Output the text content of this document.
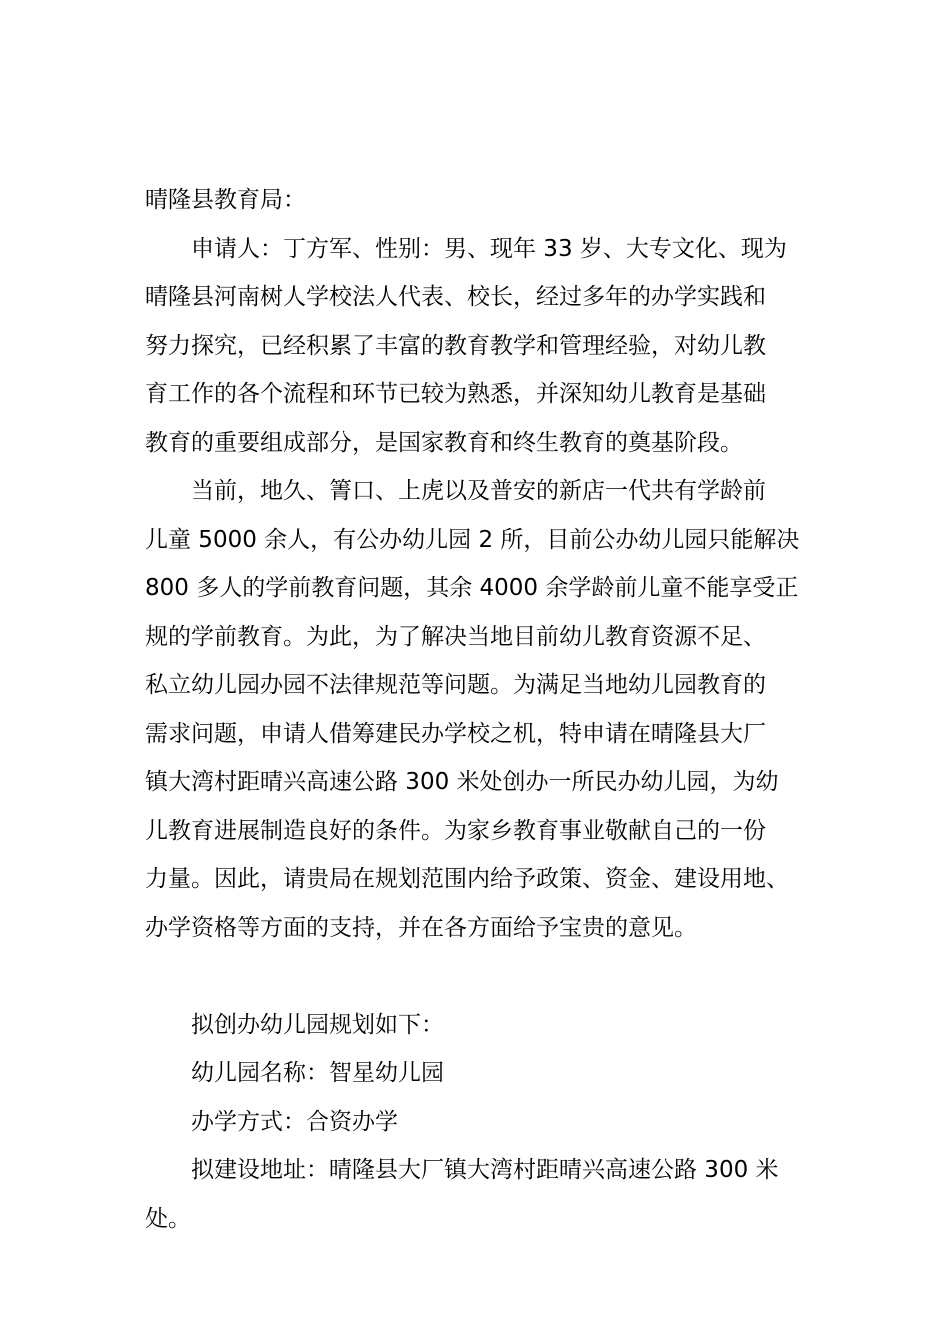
晴隆县教育局：
申请人：丁方军、性别：男、现年 33 岁、大专文化、现为
晴隆县河南树人学校法人代表、校长，经过多年的办学实践和
努力探究，已经积累了丰富的教育教学和管理经验，对幼儿教
育工作的各个流程和环节已较为熟悉，并深知幼儿教育是基础
教育的重要组成部分，是国家教育和终生教育的奠基阶段。
当前，地久、箐口、上虎以及普安的新店一代共有学龄前
儿童 5000 余人，有公办幼儿园 2 所，目前公办幼儿园只能解决
800 多人的学前教育问题，其余 4000 余学龄前儿童不能享受正
规的学前教育。为此，为了解决当地目前幼儿教育资源不足、
私立幼儿园办园不法律规范等问题。为满足当地幼儿园教育的
需求问题，申请人借筹建民办学校之机，特申请在晴隆县大厂
镇大湾村距晴兴高速公路 300 米处创办一所民办幼儿园，为幼
儿教育进展制造良好的条件。为家乡教育事业敬献自己的一份
力量。因此，请贵局在规划范围内给予政策、资金、建设用地、
办学资格等方面的支持，并在各方面给予宝贵的意见。
拟创办幼儿园规划如下：
幼儿园名称：智星幼儿园
办学方式：合资办学
拟建设地址：晴隆县大厂镇大湾村距晴兴高速公路 300 米
处。
